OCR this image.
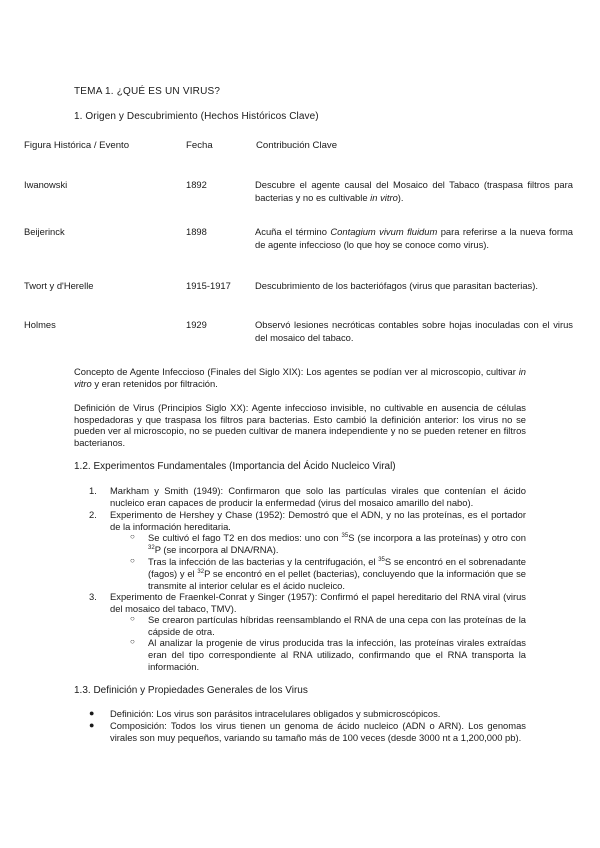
TEMA 1. ¿QUÉ ES UN VIRUS?
1. Origen y Descubrimiento (Hechos Históricos Clave)
Figura Histórica / Evento	Fecha	Contribución Clave
Iwanowski	1892	Descubre el agente causal del Mosaico del Tabaco (traspasa filtros para bacterias y no es cultivable in vitro).
Beijerinck	1898	Acuña el término Contagium vivum fluidum para referirse a la nueva forma de agente infeccioso (lo que hoy se conoce como virus).
Twort y d'Herelle	1915-1917	Descubrimiento de los bacteriófagos (virus que parasitan bacterias).
Holmes	1929	Observó lesiones necróticas contables sobre hojas inoculadas con el virus del mosaico del tabaco.
Concepto de Agente Infeccioso (Finales del Siglo XIX): Los agentes se podían ver al microscopio, cultivar in vitro y eran retenidos por filtración.
Definición de Virus (Principios Siglo XX): Agente infeccioso invisible, no cultivable en ausencia de células hospedadoras y que traspasa los filtros para bacterias. Esto cambió la definición anterior: los virus no se pueden ver al microscopio, no se pueden cultivar de manera independiente y no se pueden retener en filtros bacterianos.
1.2. Experimentos Fundamentales (Importancia del Ácido Nucleico Viral)
1. Markham y Smith (1949): Confirmaron que solo las partículas virales que contenían el ácido nucleico eran capaces de producir la enfermedad (virus del mosaico amarillo del nabo).
2. Experimento de Hershey y Chase (1952): Demostró que el ADN, y no las proteínas, es el portador de la información hereditaria.
○ Se cultivó el fago T2 en dos medios: uno con $^{35}$S (se incorpora a las proteínas) y otro con $^{32}$P (se incorpora al DNA/RNA).
○ Tras la infección de las bacterias y la centrifugación, el $^{35}$S se encontró en el sobrenadante (fagos) y el $^{32}$P se encontró en el pellet (bacterias), concluyendo que la información que se transmite al interior celular es el ácido nucleico.
3. Experimento de Fraenkel-Conrat y Singer (1957): Confirmó el papel hereditario del RNA viral (virus del mosaico del tabaco, TMV).
○ Se crearon partículas híbridas reensamblando el RNA de una cepa con las proteínas de la cápside de otra.
○ Al analizar la progenie de virus producida tras la infección, las proteínas virales extraídas eran del tipo correspondiente al RNA utilizado, confirmando que el RNA transporta la información.
1.3. Definición y Propiedades Generales de los Virus
● Definición: Los virus son parásitos intracelulares obligados y submicroscópicos.
● Composición: Todos los virus tienen un genoma de ácido nucleico (ADN o ARN). Los genomas virales son muy pequeños, variando su tamaño más de 100 veces (desde 3000 nt a 1,200,000 pb).
